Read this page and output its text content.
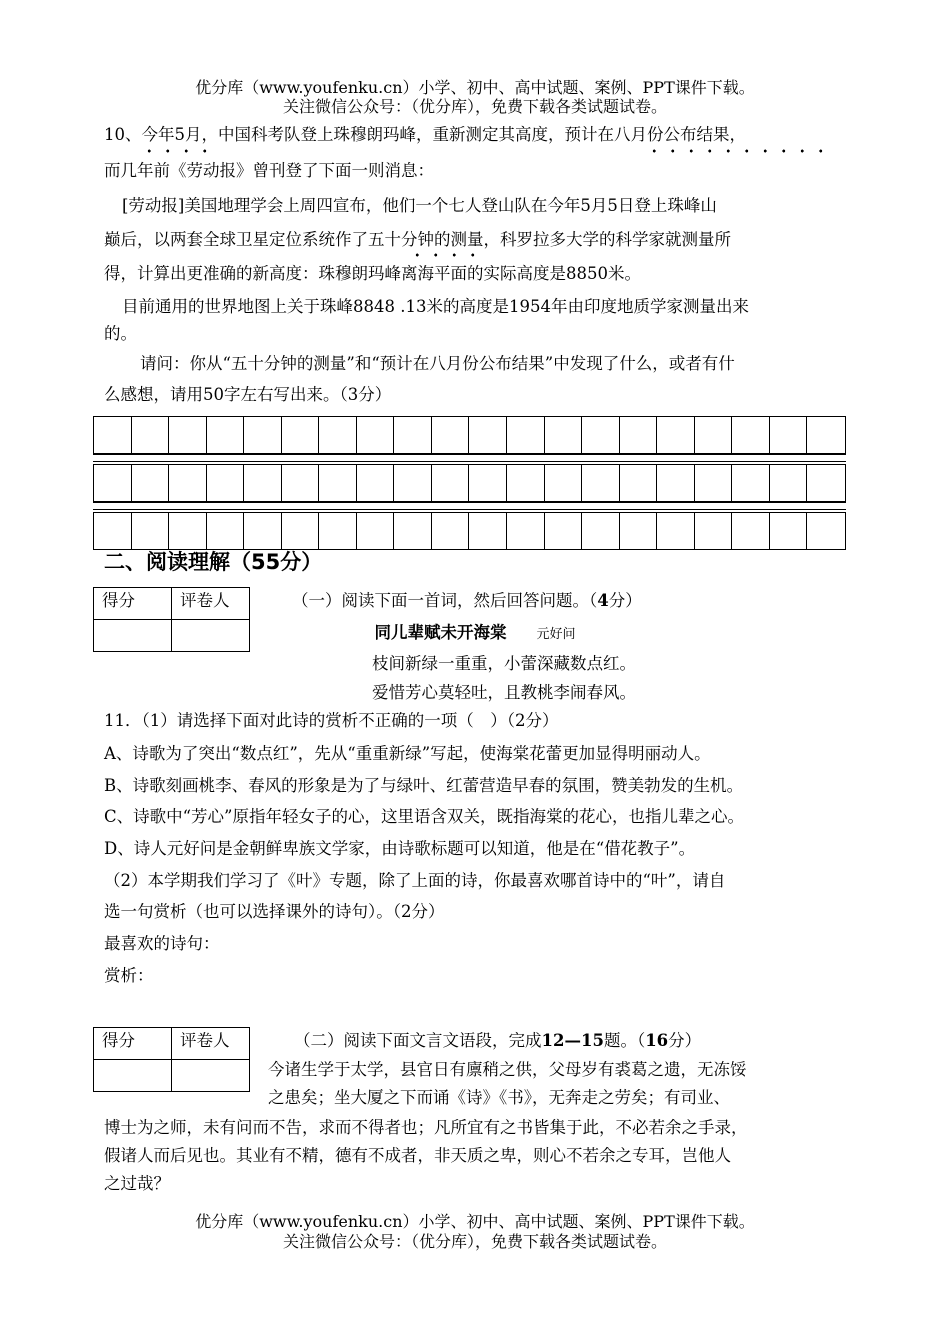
优分库（www.youfenku.cn）小学、初中、高中试题、案例、PPT课件下载。
关注微信公众号：（优分库），免费下载各类试题试卷。
10、今年5月，中国科考队登上珠穆朗玛峰，重新测定其高度，预计在八月份公布结果，
而几年前《劳动报》曾刊登了下面一则消息：
[劳动报]美国地理学会上周四宣布，他们一个七人登山队在今年5月5日登上珠峰山
巅后，以两套全球卫星定位系统作了五十分钟的测量，科罗拉多大学的科学家就测量所
得，计算出更准确的新高度：珠穆朗玛峰离海平面的实际高度是8850米。
目前通用的世界地图上关于珠峰8848 .13米的高度是1954年由印度地质学家测量出来
的。
请问：你从“五十分钟的测量”和“预计在八月份公布结果”中发现了什么，或者有什
么感想，请用50字左右写出来。（3分）
二、阅读理解（55分）
得分	评卷人
		（一）阅读下面一首词，然后回答问题。（4分）
同儿辈赋未开海棠 元好问
枝间新绿一重重，小蕾深藏数点红。
爱惜芳心莫轻吐，且教桃李闹春风。
11．（1）请选择下面对此诗的赏析不正确的一项（　）（2分）
A、诗歌为了突出“数点红”，先从“重重新绿”写起，使海棠花蕾更加显得明丽动人。
B、诗歌刻画桃李、春风的形象是为了与绿叶、红蕾营造早春的氛围，赞美勃发的生机。
C、诗歌中“芳心”原指年轻女子的心，这里语含双关，既指海棠的花心，也指儿辈之心。
D、诗人元好问是金朝鲜卑族文学家，由诗歌标题可以知道，他是在“借花教子”。
（2）本学期我们学习了《叶》专题，除了上面的诗，你最喜欢哪首诗中的“叶”，请自
选一句赏析（也可以选择课外的诗句）。（2分）
最喜欢的诗句：
赏析：
得分	评卷人
		（二）阅读下面文言文语段，完成12—15题。（16分）
今诸生学于太学，县官日有廪稍之供，父母岁有裘葛之遗，无冻馁
之患矣；坐大厦之下而诵《诗》《书》，无奔走之劳矣；有司业、
博士为之师，未有问而不告，求而不得者也；凡所宜有之书皆集于此，不必若余之手录，
假诸人而后见也。其业有不精，德有不成者，非天质之卑，则心不若余之专耳，岂他人
之过哉？
优分库（www.youfenku.cn）小学、初中、高中试题、案例、PPT课件下载。
关注微信公众号：（优分库），免费下载各类试题试卷。
